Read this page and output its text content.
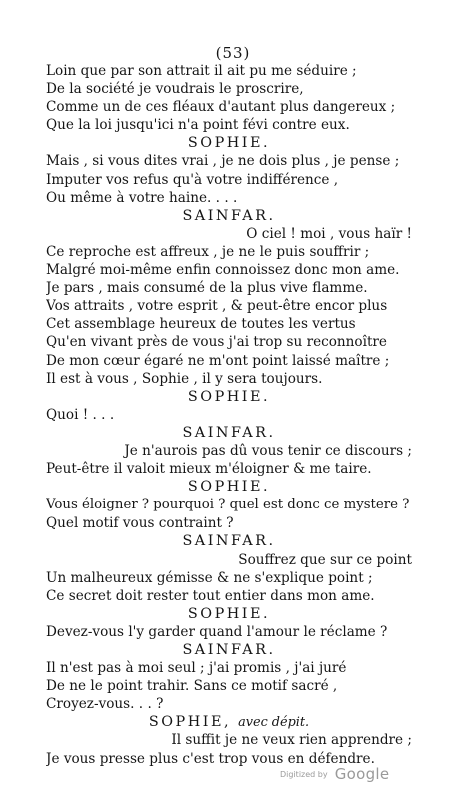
(53)
Loin que par son attrait il ait pu me séduire ;
De la société je voudrais le proscrire,
Comme un de ces fléaux d'autant plus dangereux ;
Que la loi jusqu'ici n'a point févi contre eux.
SOPHIE.
Mais , si vous dites vrai , je ne dois plus , je pense ;
Imputer vos refus qu'à votre indifférence ,
Ou même à votre haine. . . .
SAINFAR.
O ciel ! moi , vous haïr !
Ce reproche est affreux , je ne le puis souffrir ;
Malgré moi-même enfin connoissez donc mon ame.
Je pars , mais consumé de la plus vive flamme.
Vos attraits , votre esprit , & peut-être encor plus
Cet assemblage heureux de toutes les vertus
Qu'en vivant près de vous j'ai trop su reconnoître
De mon cœur égaré ne m'ont point laissé maître ;
Il est à vous , Sophie , il y sera toujours.
SOPHIE.
Quoi ! . . .
SAINFAR.
Je n'aurois pas dû vous tenir ce discours ;
Peut-être il valoit mieux m'éloigner & me taire.
SOPHIE.
Vous éloigner ? pourquoi ? quel est donc ce mystere ?
Quel motif vous contraint ?
SAINFAR.
Souffrez que sur ce point
Un malheureux gémisse & ne s'explique point ;
Ce secret doit rester tout entier dans mon ame.
SOPHIE.
Devez-vous l'y garder quand l'amour le réclame ?
SAINFAR.
Il n'est pas à moi seul ; j'ai promis , j'ai juré
De ne le point trahir. Sans ce motif sacré ,
Croyez-vous. . . ?
SOPHIE, avec dépit.
Il suffit je ne veux rien apprendre ;
Je vous presse plus c'est trop vous en défendre.
Digitized by Google
